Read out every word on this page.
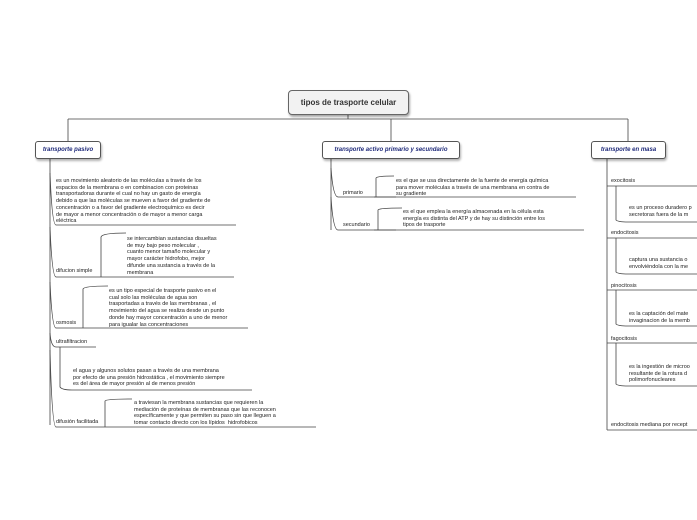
tipos de trasporte celular
transporte pasivo	transporte activo primario y secundario	transporte en masa
es un movimiento aleatorio de las moléculas a través de los
espacios de la membrana o en combinacion con proteinas
transportadoras durante el cual no hay un gasto de energía
debido a que las moléculas se mueven a favor del gradiente de
concentración o a favor del gradiente electroquímico es decir
de mayor a menor concentración o de mayor a menor carga
eléctrica
se intercambian sustancias disueltas
de muy bajo peso molecular ,
cuanto menor tamaño molecular y
mayor carácter hidrofobo, mejor
difunde una sustancia a través de la
membrana
difucion simple
es un tipo especial de trasporte pasivo en el
cual solo las moléculas de agua son
trasportadas a través de las membranas , el
movimiento del agua se realiza desde un punto
donde hay mayor concentración a uno de menor
para igualar las concentraciones
osmosis
ultrafiltracion
el agua y algunos solutos pasan a través de una membrana
por efecto de una presión hidrostática , el movimiento siempre
es del área de mayor presión al de menos presión
a traviesan la membrana sustancias que requieren la
mediación de proteínas de membranas que las reconocen
específicamente y que permiten su paso sin que lleguen a
tomar contacto directo con los lípidos  hidrofobicos
difusión facilitada
primario
es el que se usa directamente de la fuente de energía química
para mover moléculas a través de una membrana en contra de
su gradiente
secundario
es el que emplea la energía almacenada en la célula esta
energía es distinta del ATP y de hay su distinción entre los
tipos de trasporte
exocitosis
es un proceso duradero p
secretoras fuera de la m
endocitosis
captura una sustancia o
envolviéndola con la me
pinocitosis
es la captación del mate
invaginacion de la memb
fagocitosis
es la ingestión de microo
resultante de la rotura d
polimorfonucleares
endocitosis mediana por recept
